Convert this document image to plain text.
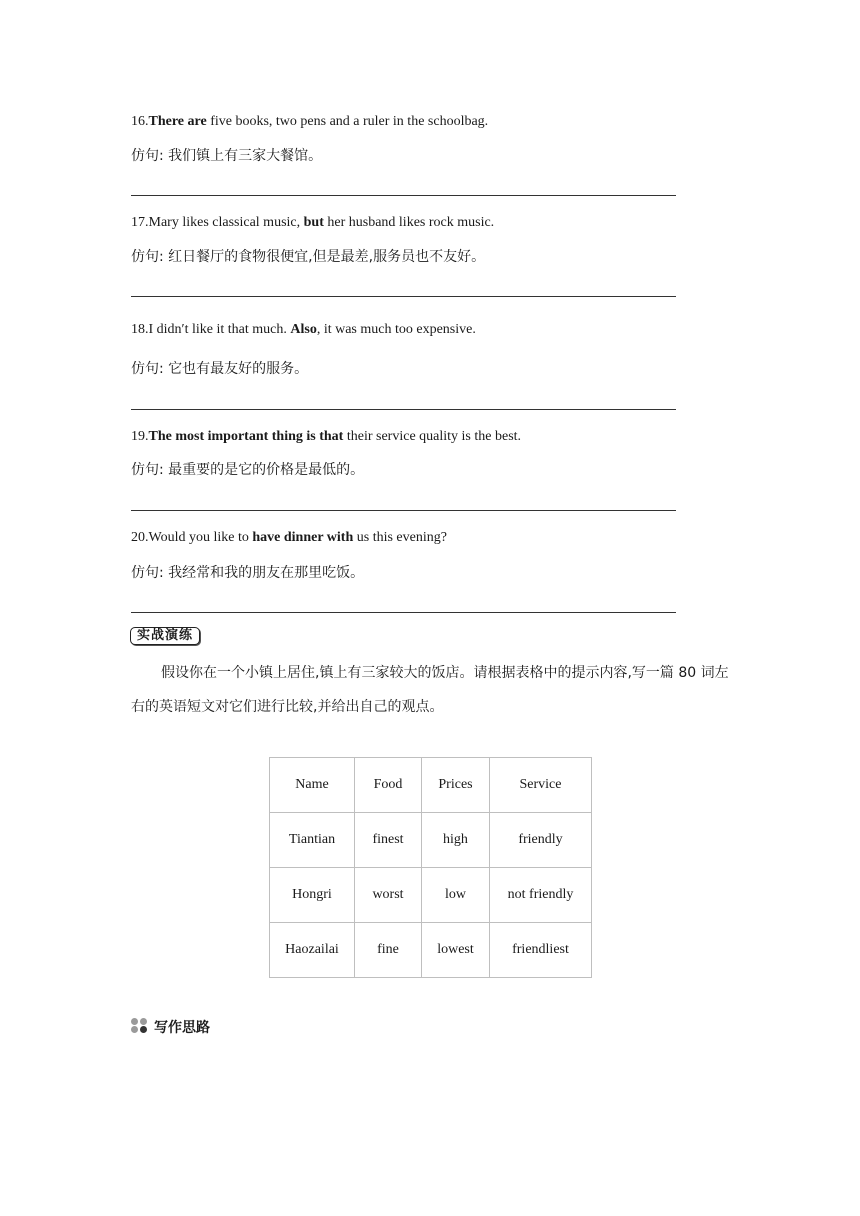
16.There are five books, two pens and a ruler in the schoolbag.
仿句: 我们镇上有三家大餐馆。
17.Mary likes classical music, but her husband likes rock music.
仿句: 红日餐厅的食物很便宜,但是最差,服务员也不友好。
18.I didn′t like it that much. Also, it was much too expensive.
仿句: 它也有最友好的服务。
19.The most important thing is that their service quality is the best.
仿句: 最重要的是它的价格是最低的。
20.Would you like to have dinner with us this evening?
仿句: 我经常和我的朋友在那里吃饭。
实战演练
假设你在一个小镇上居住,镇上有三家较大的饭店。请根据表格中的提示内容,写一篇 80 词左右的英语短文对它们进行比较,并给出自己的观点。
Name	Food	Prices	Service
Tiantian	finest	high	friendly
Hongri	worst	low	not friendly
Haozailai	fine	lowest	friendliest
写作思路
